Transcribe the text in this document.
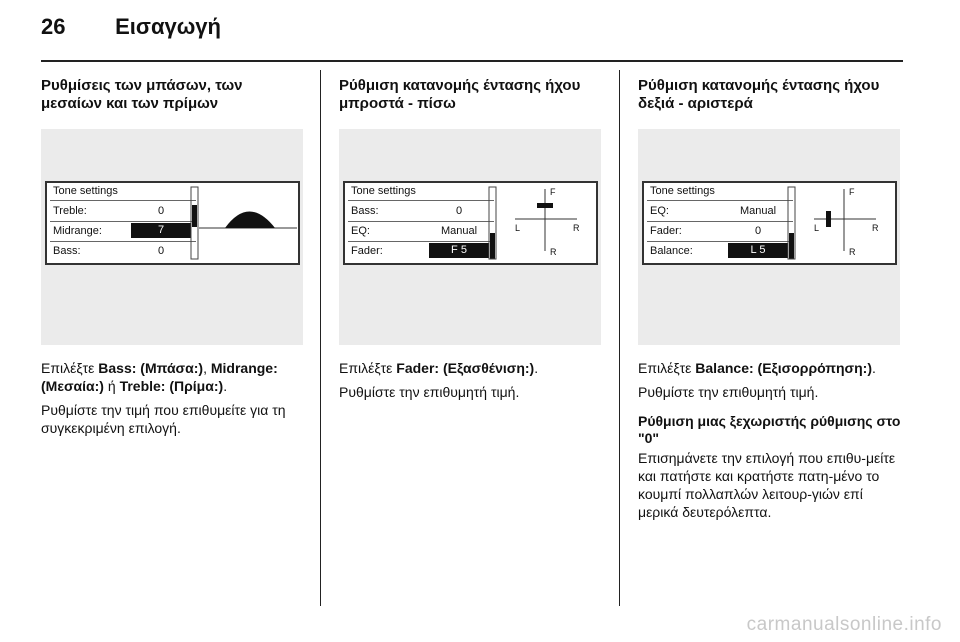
26 Εισαγωγή

Ρυθμίσεις των μπάσων, των μεσαίων και των πρίμων

Tone settings
Treble:	0
Midrange:	7
Bass:	0

Επιλέξτε Bass: (Μπάσα:), Midrange: (Μεσαία:) ή Treble: (Πρίμα:).

Ρυθμίστε την τιμή που επιθυμείτε για τη συγκεκριμένη επιλογή.

Ρύθμιση κατανομής έντασης ήχου μπροστά - πίσω

Tone settings
Bass:	0
EQ:	Manual
Fader:	F 5
F
R
L	R

Επιλέξτε Fader: (Εξασθένιση:).

Ρυθμίστε την επιθυμητή τιμή.

Ρύθμιση κατανομής έντασης ήχου δεξιά - αριστερά

Tone settings
EQ:	Manual
Fader:	0
Balance:	L 5
F
R
L	R

Επιλέξτε Balance: (Εξισορρόπηση:).

Ρυθμίστε την επιθυμητή τιμή.

Ρύθμιση μιας ξεχωριστής ρύθμισης στο "0"

Επισημάνετε την επιλογή που επιθυ-μείτε και πατήστε και κρατήστε πατη-μένο το κουμπί πολλαπλών λειτουρ-γιών επί μερικά δευτερόλεπτα.

carmanualsonline.info
